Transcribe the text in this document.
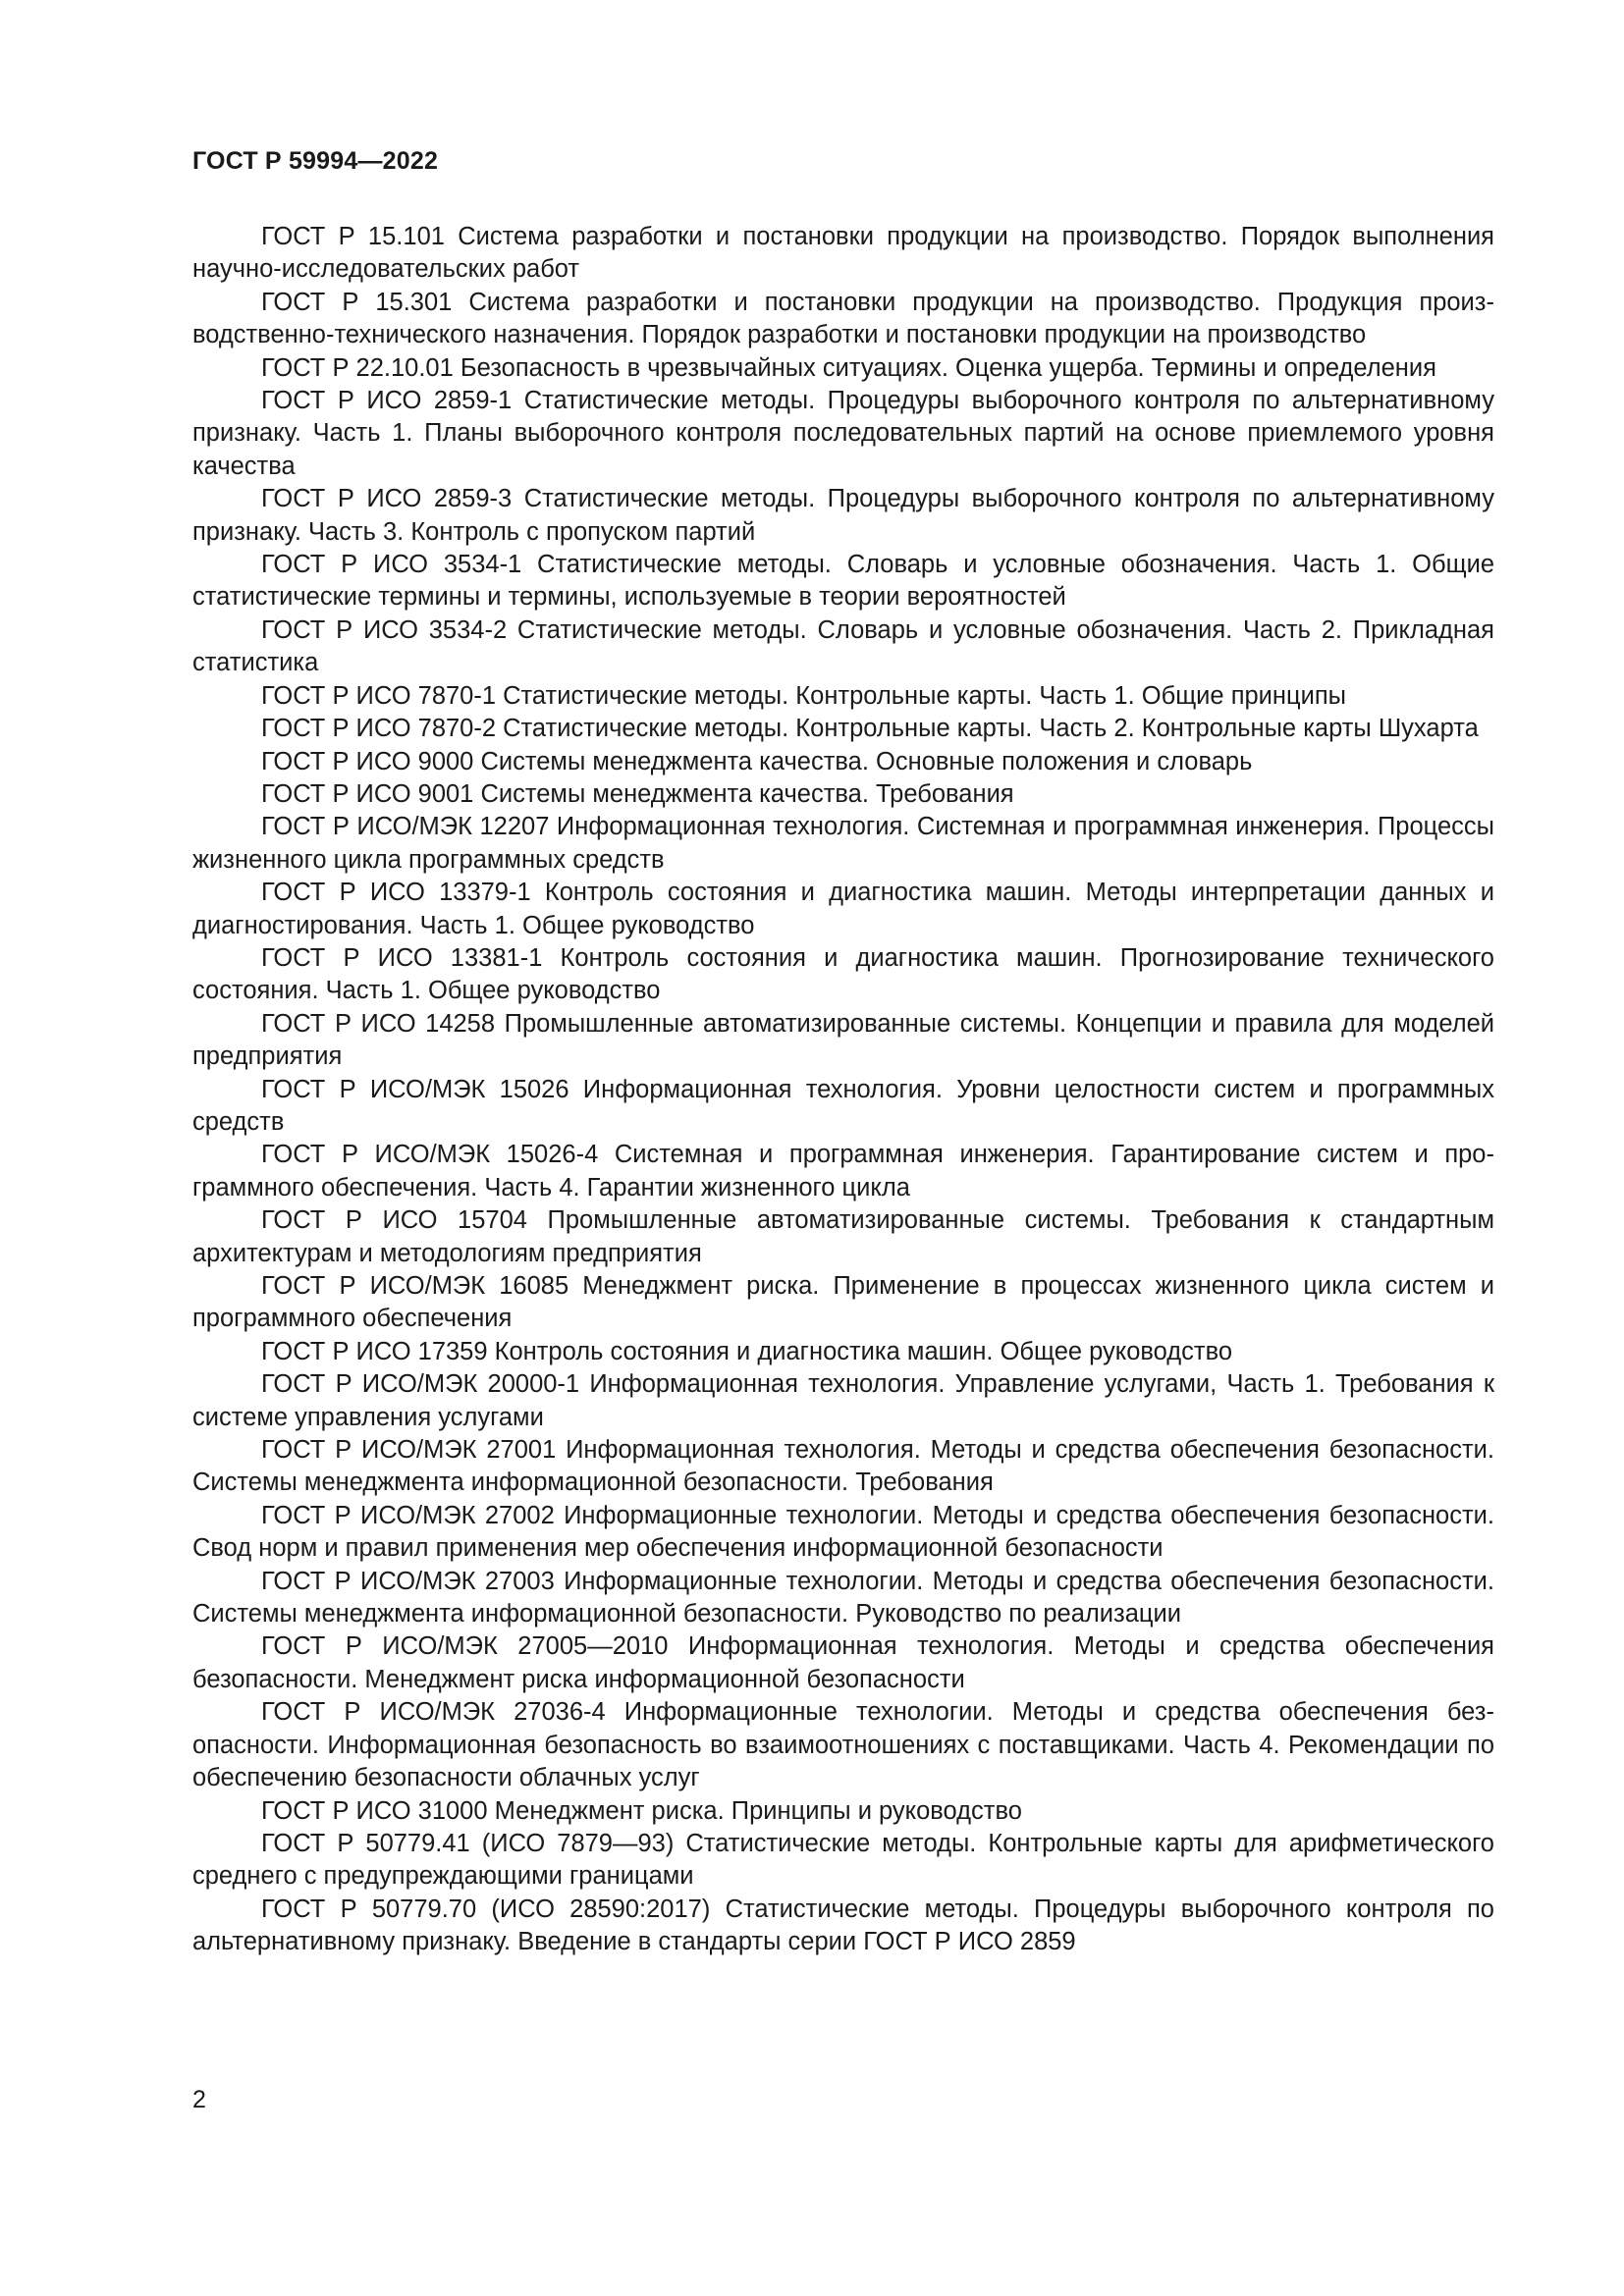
ГОСТ Р 59994—2022
ГОСТ Р 15.101 Система разработки и постановки продукции на производство. Порядок выполнения научно-исследовательских работ
ГОСТ Р 15.301 Система разработки и постановки продукции на производство. Продукция производственно-технического назначения. Порядок разработки и постановки продукции на производство
ГОСТ Р 22.10.01 Безопасность в чрезвычайных ситуациях. Оценка ущерба. Термины и определения
ГОСТ Р ИСО 2859-1 Статистические методы. Процедуры выборочного контроля по альтернативному признаку. Часть 1. Планы выборочного контроля последовательных партий на основе приемлемого уровня качества
ГОСТ Р ИСО 2859-3 Статистические методы. Процедуры выборочного контроля по альтернативному признаку. Часть 3. Контроль с пропуском партий
ГОСТ Р ИСО 3534-1 Статистические методы. Словарь и условные обозначения. Часть 1. Общие статистические термины и термины, используемые в теории вероятностей
ГОСТ Р ИСО 3534-2 Статистические методы. Словарь и условные обозначения. Часть 2. Прикладная статистика
ГОСТ Р ИСО 7870-1 Статистические методы. Контрольные карты. Часть 1. Общие принципы
ГОСТ Р ИСО 7870-2 Статистические методы. Контрольные карты. Часть 2. Контрольные карты Шухарта
ГОСТ Р ИСО 9000 Системы менеджмента качества. Основные положения и словарь
ГОСТ Р ИСО 9001 Системы менеджмента качества. Требования
ГОСТ Р ИСО/МЭК 12207 Информационная технология. Системная и программная инженерия. Процессы жизненного цикла программных средств
ГОСТ Р ИСО 13379-1 Контроль состояния и диагностика машин. Методы интерпретации данных и диагностирования. Часть 1. Общее руководство
ГОСТ Р ИСО 13381-1 Контроль состояния и диагностика машин. Прогнозирование технического состояния. Часть 1. Общее руководство
ГОСТ Р ИСО 14258 Промышленные автоматизированные системы. Концепции и правила для моделей предприятия
ГОСТ Р ИСО/МЭК 15026 Информационная технология. Уровни целостности систем и программных средств
ГОСТ Р ИСО/МЭК 15026-4 Системная и программная инженерия. Гарантирование систем и программного обеспечения. Часть 4. Гарантии жизненного цикла
ГОСТ Р ИСО 15704 Промышленные автоматизированные системы. Требования к стандартным архитектурам и методологиям предприятия
ГОСТ Р ИСО/МЭК 16085 Менеджмент риска. Применение в процессах жизненного цикла систем и программного обеспечения
ГОСТ Р ИСО 17359 Контроль состояния и диагностика машин. Общее руководство
ГОСТ Р ИСО/МЭК 20000-1 Информационная технология. Управление услугами, Часть 1. Требования к системе управления услугами
ГОСТ Р ИСО/МЭК 27001 Информационная технология. Методы и средства обеспечения безопасности. Системы менеджмента информационной безопасности. Требования
ГОСТ Р ИСО/МЭК 27002 Информационные технологии. Методы и средства обеспечения безопасности. Свод норм и правил применения мер обеспечения информационной безопасности
ГОСТ Р ИСО/МЭК 27003 Информационные технологии. Методы и средства обеспечения безопасности. Системы менеджмента информационной безопасности. Руководство по реализации
ГОСТ Р ИСО/МЭК 27005—2010 Информационная технология. Методы и средства обеспечения безопасности. Менеджмент риска информационной безопасности
ГОСТ Р ИСО/МЭК 27036-4 Информационные технологии. Методы и средства обеспечения безопасности. Информационная безопасность во взаимоотношениях с поставщиками. Часть 4. Рекомендации по обеспечению безопасности облачных услуг
ГОСТ Р ИСО 31000 Менеджмент риска. Принципы и руководство
ГОСТ Р 50779.41 (ИСО 7879—93) Статистические методы. Контрольные карты для арифметического среднего с предупреждающими границами
ГОСТ Р 50779.70 (ИСО 28590:2017) Статистические методы. Процедуры выборочного контроля по альтернативному признаку. Введение в стандарты серии ГОСТ Р ИСО 2859
2
